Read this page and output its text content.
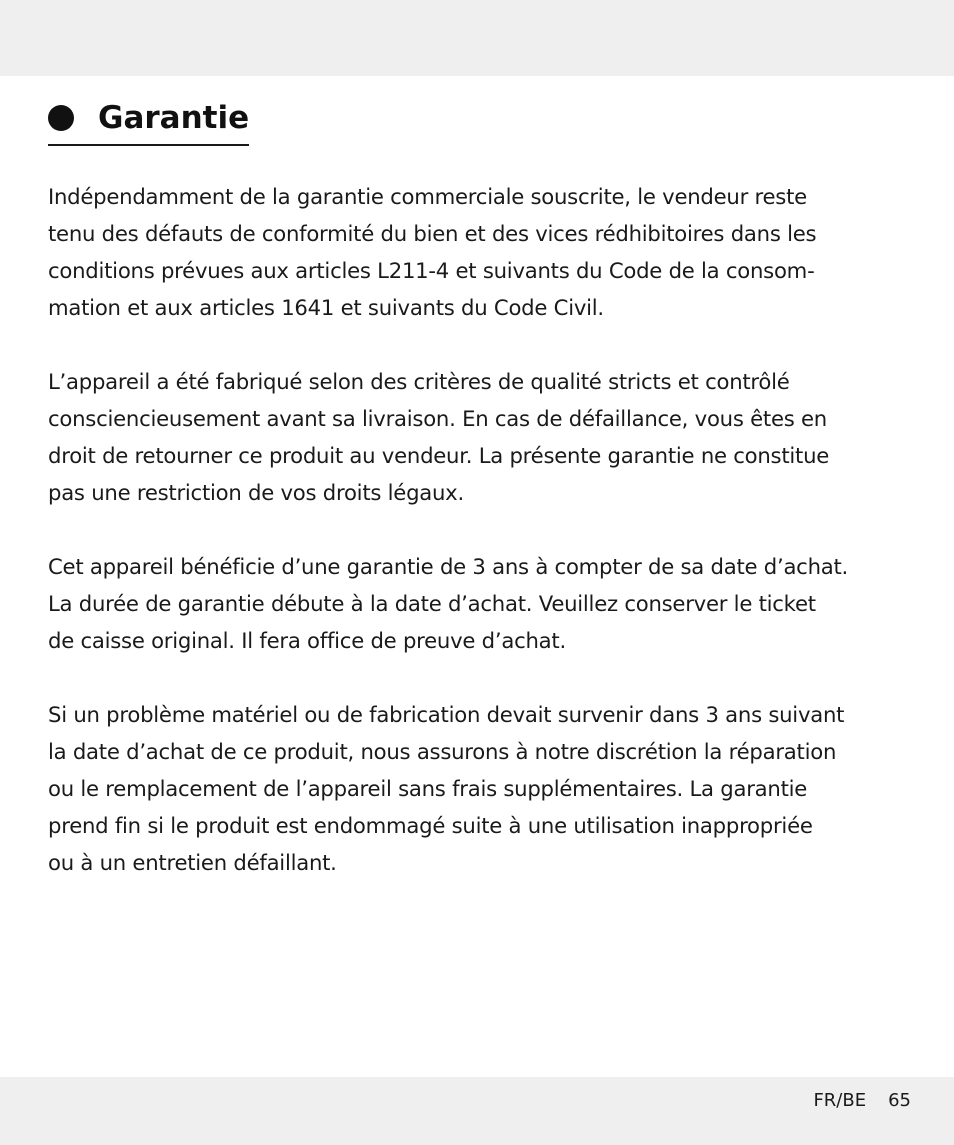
Garantie

Indépendamment de la garantie commerciale souscrite, le vendeur reste
tenu des défauts de conformité du bien et des vices rédhibitoires dans les
conditions prévues aux articles L211-4 et suivants du Code de la consom-
mation et aux articles 1641 et suivants du Code Civil.

L’appareil a été fabriqué selon des critères de qualité stricts et contrôlé
consciencieusement avant sa livraison. En cas de défaillance, vous êtes en
droit de retourner ce produit au vendeur. La présente garantie ne constitue
pas une restriction de vos droits légaux.

Cet appareil bénéficie d’une garantie de 3 ans à compter de sa date d’achat.
La durée de garantie débute à la date d’achat. Veuillez conserver le ticket
de caisse original. Il fera office de preuve d’achat.

Si un problème matériel ou de fabrication devait survenir dans 3 ans suivant
la date d’achat de ce produit, nous assurons à notre discrétion la réparation
ou le remplacement de l’appareil sans frais supplémentaires. La garantie
prend fin si le produit est endommagé suite à une utilisation inappropriée
ou à un entretien défaillant.

FR/BE 65
